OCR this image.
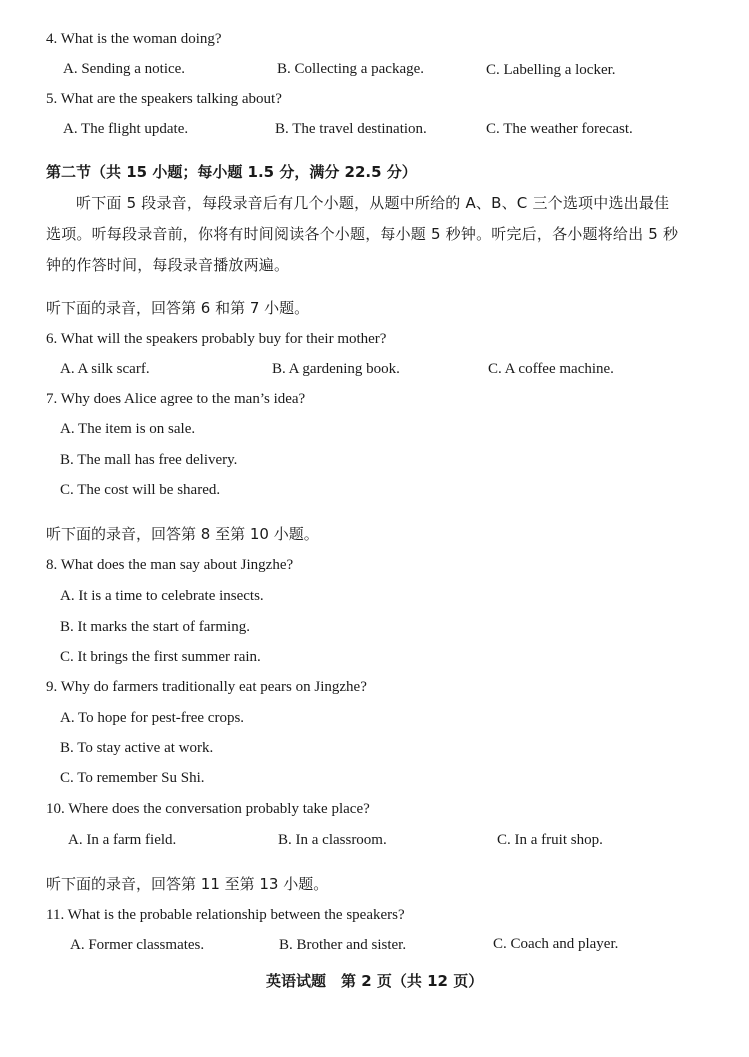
4. What is the woman doing?
A. Sending a notice.	B. Collecting a package.	C. Labelling a locker.
5. What are the speakers talking about?
A. The flight update.	B. The travel destination.	C. The weather forecast.
第二节（共 15 小题；每小题 1.5 分，满分 22.5 分）
听下面 5 段录音，每段录音后有几个小题，从题中所给的 A、B、C 三个选项中选出最佳
选项。听每段录音前，你将有时间阅读各个小题，每小题 5 秒钟。听完后，各小题将给出 5 秒
钟的作答时间，每段录音播放两遍。
听下面的录音，回答第 6 和第 7 小题。
6. What will the speakers probably buy for their mother?
A. A silk scarf.	B. A gardening book.	C. A coffee machine.
7. Why does Alice agree to the man’s idea?
A. The item is on sale.
B. The mall has free delivery.
C. The cost will be shared.
听下面的录音，回答第 8 至第 10 小题。
8. What does the man say about Jingzhe?
A. It is a time to celebrate insects.
B. It marks the start of farming.
C. It brings the first summer rain.
9. Why do farmers traditionally eat pears on Jingzhe?
A. To hope for pest-free crops.
B. To stay active at work.
C. To remember Su Shi.
10. Where does the conversation probably take place?
A. In a farm field.	B. In a classroom.	C. In a fruit shop.
听下面的录音，回答第 11 至第 13 小题。
11. What is the probable relationship between the speakers?
A. Former classmates.	B. Brother and sister.	C. Coach and player.
英语试题　第 2 页（共 12 页）
